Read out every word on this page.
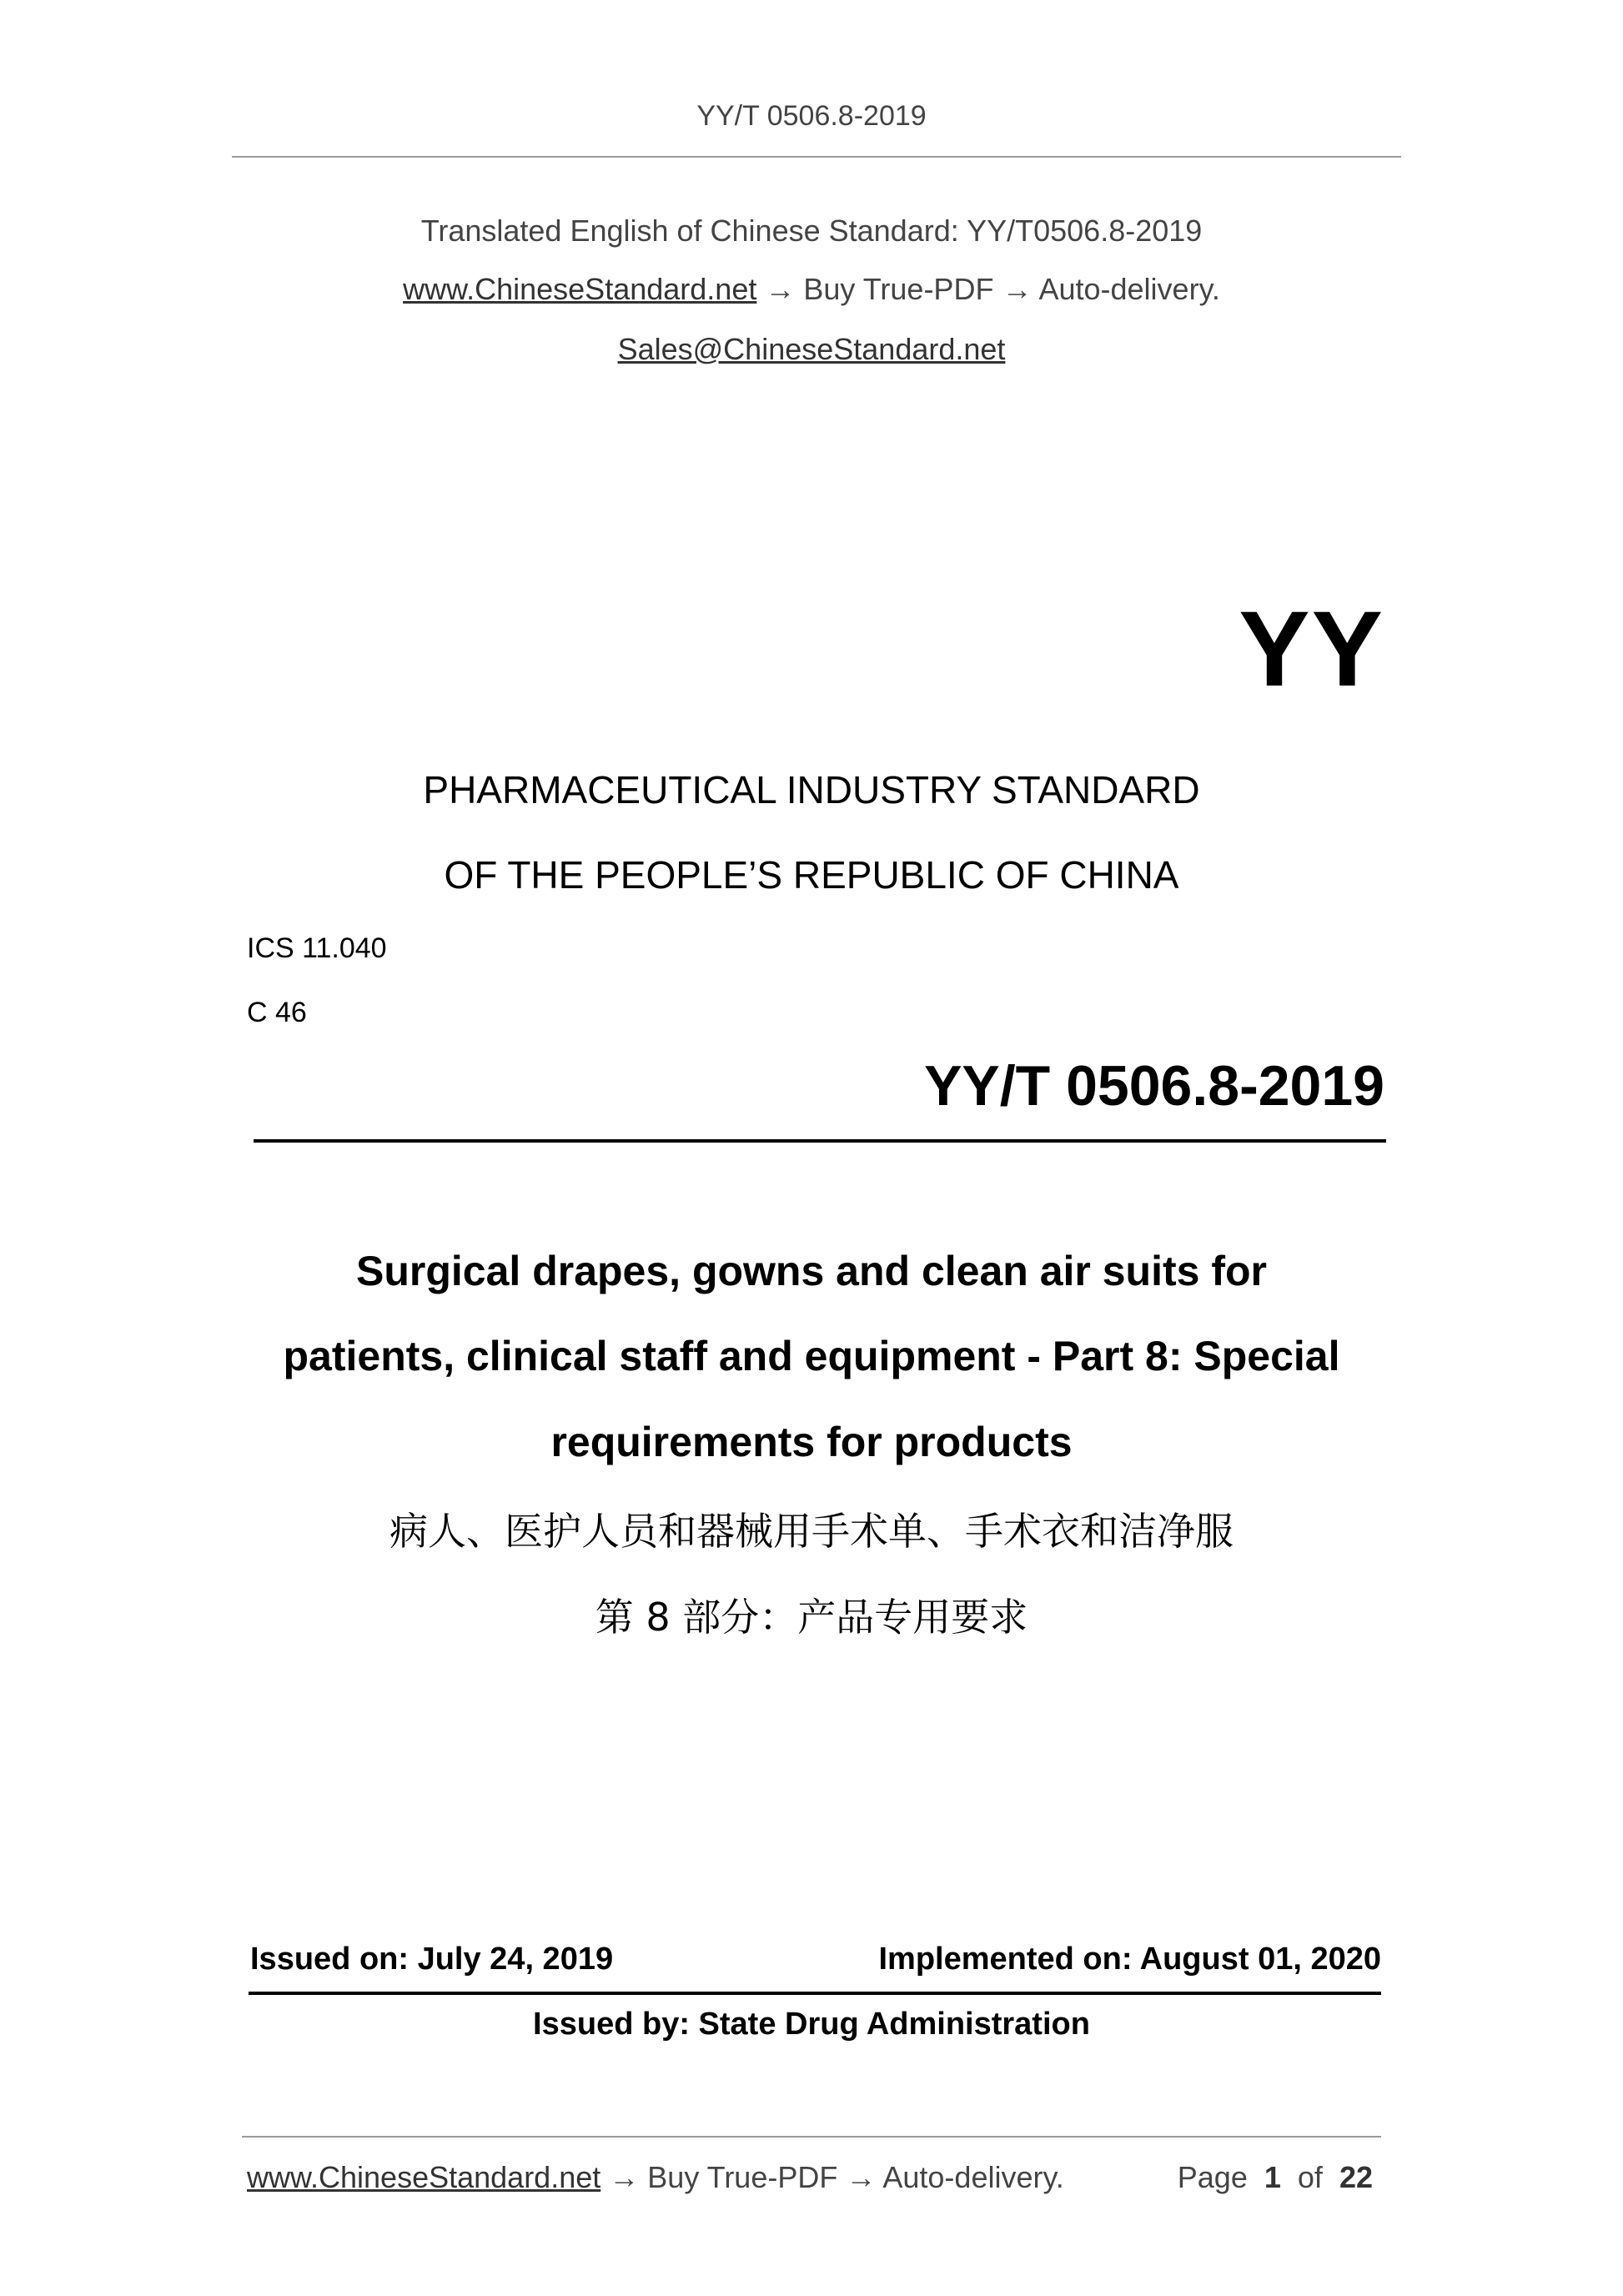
YY/T 0506.8-2019
Translated English of Chinese Standard: YY/T0506.8-2019
www.ChineseStandard.net → Buy True-PDF → Auto-delivery.
Sales@ChineseStandard.net
YY
PHARMACEUTICAL INDUSTRY STANDARD
OF THE PEOPLE’S REPUBLIC OF CHINA
ICS 11.040
C 46
YY/T 0506.8-2019
Surgical drapes, gowns and clean air suits for
patients, clinical staff and equipment - Part 8: Special
requirements for products
病人、医护人员和器械用手术单、手术衣和洁净服
第 8 部分：产品专用要求
Issued on: July 24, 2019	Implemented on: August 01, 2020
Issued by: State Drug Administration
www.ChineseStandard.net → Buy True-PDF → Auto-delivery.	Page 1 of 22
